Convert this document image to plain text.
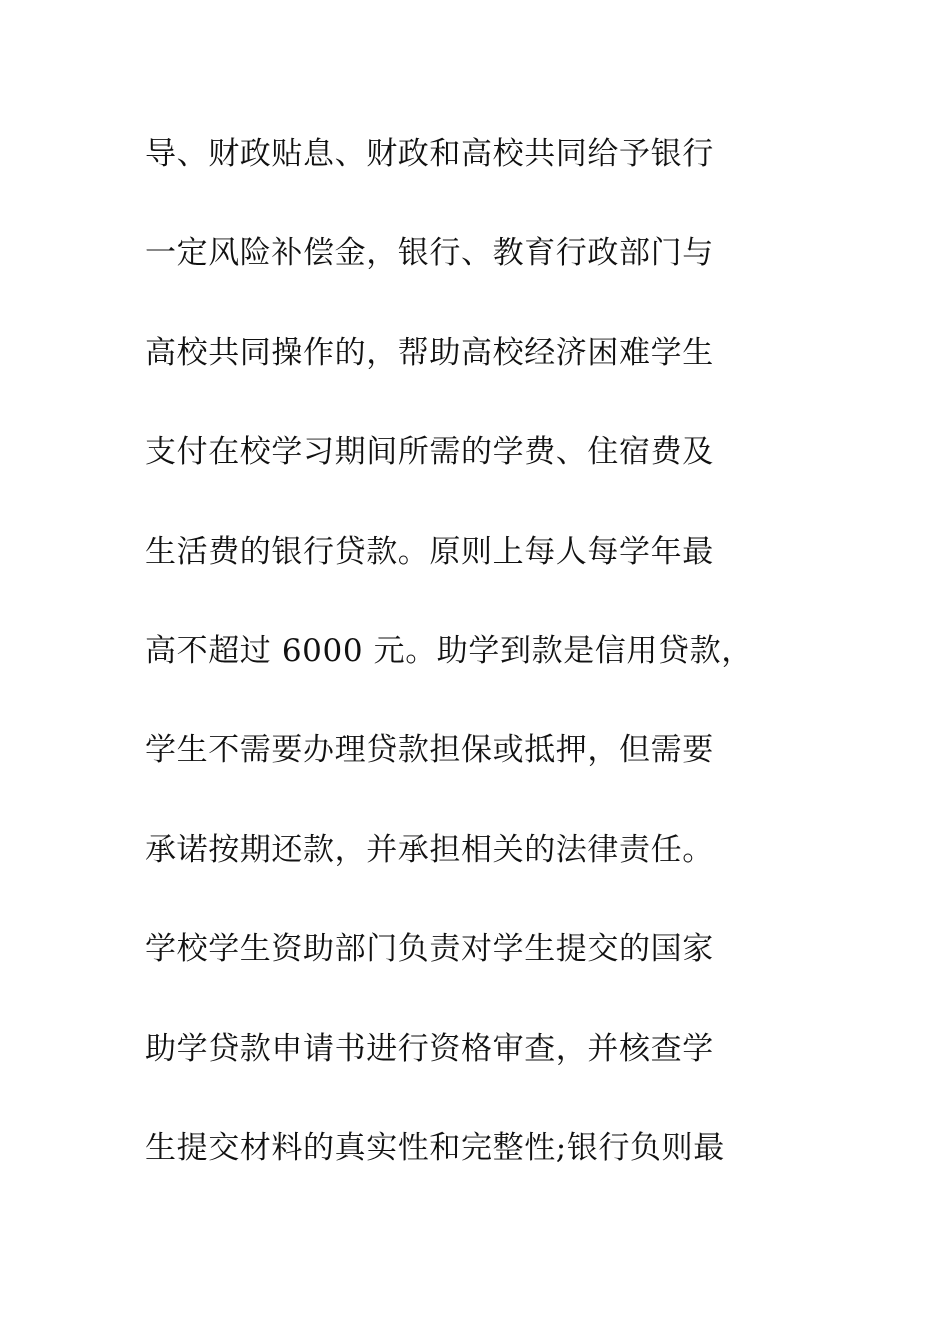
导、财政贴息、财政和高校共同给予银行
一定风险补偿金，银行、教育行政部门与
高校共同操作的，帮助高校经济困难学生
支付在校学习期间所需的学费、住宿费及
生活费的银行贷款。原则上每人每学年最
高不超过 6000 元。助学到款是信用贷款，
学生不需要办理贷款担保或抵押，但需要
承诺按期还款，并承担相关的法律责任。
学校学生资助部门负责对学生提交的国家
助学贷款申请书进行资格审查，并核查学
生提交材料的真实性和完整性;银行负则最
